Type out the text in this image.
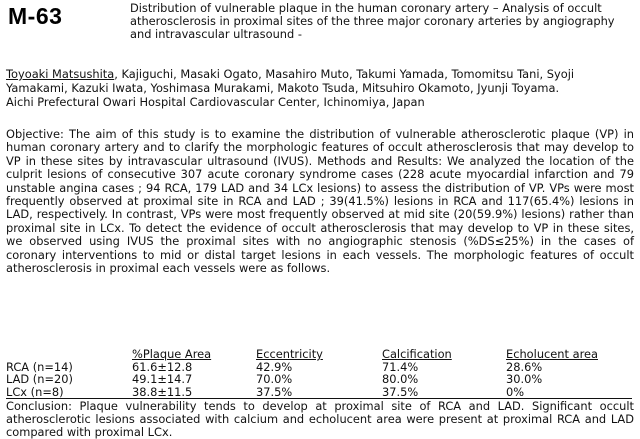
M-63	Distribution of vulnerable plaque in the human coronary artery – Analysis of occult atherosclerosis in proximal sites of the three major coronary arteries by angiography and intravascular ultrasound -
Toyoaki Matsushita, Kajiguchi, Masaki Ogato, Masahiro Muto, Takumi Yamada, Tomomitsu Tani, Syoji Yamakami, Kazuki Iwata, Yoshimasa Murakami, Makoto Tsuda, Mitsuhiro Okamoto, Jyunji Toyama.
Aichi Prefectural Owari Hospital Cardiovascular Center, Ichinomiya, Japan
Objective: The aim of this study is to examine the distribution of vulnerable atherosclerotic plaque (VP) in human coronary artery and to clarify the morphologic features of occult atherosclerosis that may develop to VP in these sites by intravascular ultrasound (IVUS). Methods and Results: We analyzed the location of the culprit lesions of consecutive 307 acute coronary syndrome cases (228 acute myocardial infarction and 79 unstable angina cases ; 94 RCA, 179 LAD and 34 LCx lesions) to assess the distribution of VP. VPs were most frequently observed at proximal site in RCA and LAD ; 39(41.5%) lesions in RCA and 117(65.4%) lesions in LAD, respectively. In contrast, VPs were most frequently observed at mid site (20(59.9%) lesions) rather than proximal site in LCx. To detect the evidence of occult atherosclerosis that may develop to VP in these sites, we observed using IVUS the proximal sites with no angiographic stenosis (%DS≤25%) in the cases of coronary interventions to mid or distal target lesions in each vessels. The morphologic features of occult atherosclerosis in proximal each vessels were as follows.
	%Plaque Area	Eccentricity	Calcification	Echolucent area
RCA (n=14)	61.6±12.8	42.9%	71.4%	28.6%
LAD (n=20)	49.1±14.7	70.0%	80.0%	30.0%
LCx (n=8)	38.8±11.5	37.5%	37.5%	0%
Conclusion: Plaque vulnerability tends to develop at proximal site of RCA and LAD. Significant occult atherosclerotic lesions associated with calcium and echolucent area were present at proximal RCA and LAD compared with proximal LCx.
